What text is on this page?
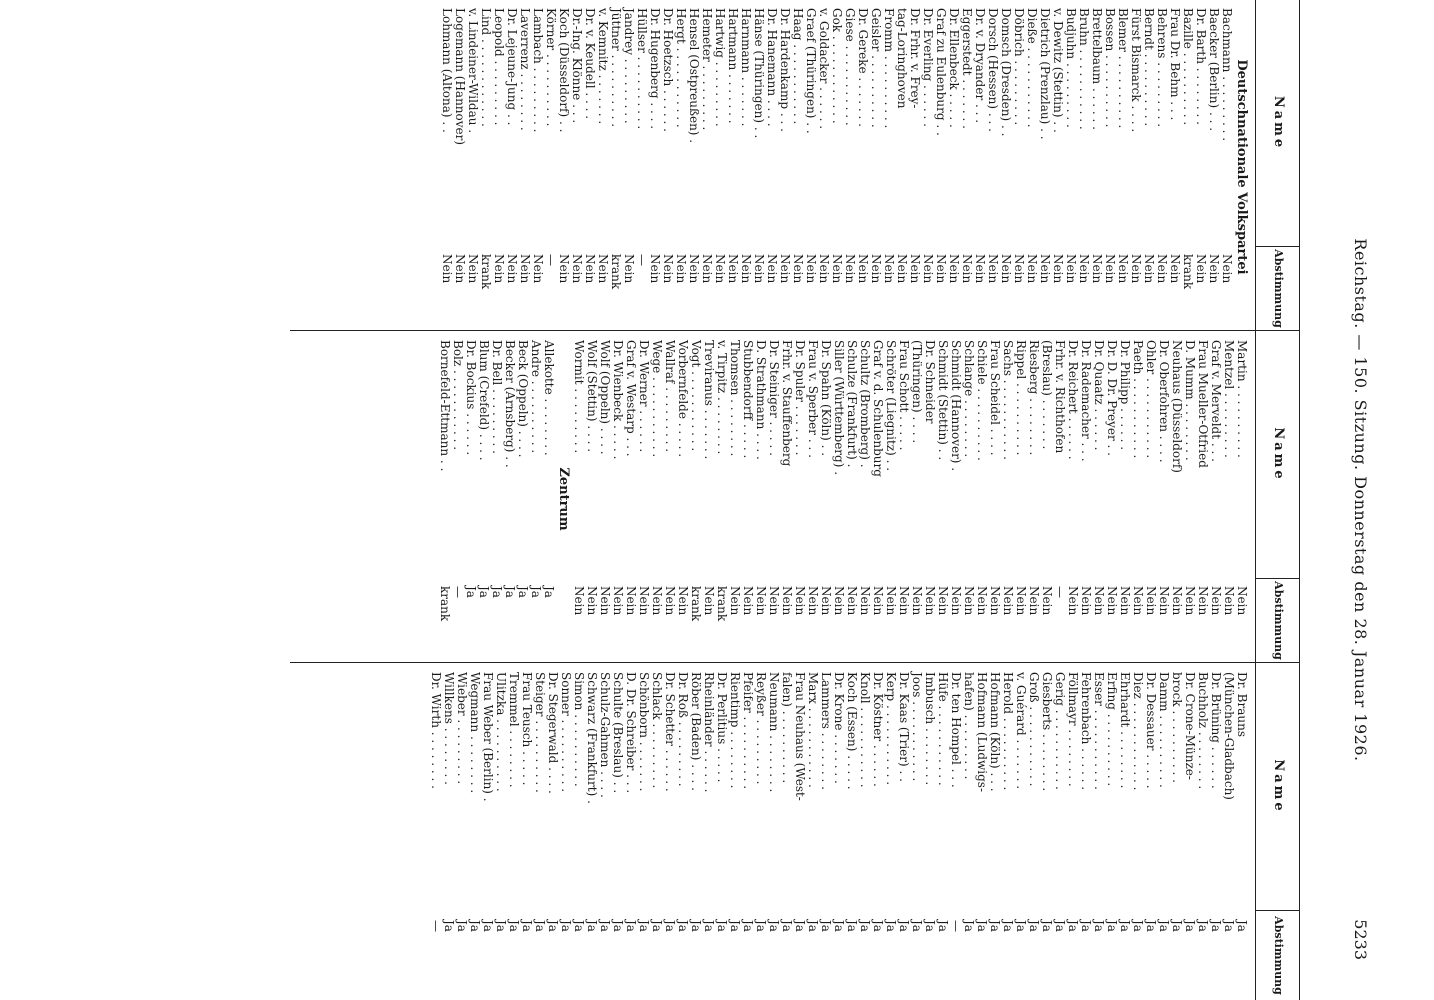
Reichstag. — 150. Sitzung. Donnerstag den 28. Januar 1926.
5233
Name
Abstimmung
Name
Abstimmung
Name
Abstimmung
Deutschnationale Volkspartei
Bachmann . . . . . . . . .
Nein
Baecker (Berlin) . . .
Nein
Dr. Barth . . . . . . . .
Nein
Bazille . . . . . . . . . .
krank
Frau Dr. Behm . . .
Nein
Behrens . . . . . . . . .
Nein
Berndt . . . . . . . . . .
Nein
Fürst Bismarck . . . .
Nein
Blemer . . . . . . . . . .
Nein
Bossen . . . . . . . . . .
Nein
Brettelbaum . . . . . .
Nein
Bruhn . . . . . . . . . . .
Nein
Budjuhn . . . . . . . . .
Nein
v. Dewitz (Stettin) . .
Nein
Dietrich (Prenzlau) . .
Nein
Dieße . . . . . . . . . . .
Nein
Döbrich . . . . . . . . .
Nein
Domsch (Dresden) . .
Nein
Dorsch (Hessen) . . .
Nein
Dr. v. Dryander . . .
Nein
Eggerstedt . . . . . . .
Nein
Dr. Ellenbeck . . . . .
Nein
Graf zu Eulenburg . .
Nein
Dr. Everling . . . . . .
Nein
Dr. Frhr. v. Frey-
Nein
tag-Loringhoven
Nein
Fromm . . . . . . . . . .
Nein
Geisler . . . . . . . . . .
Nein
Dr. Gereke . . . . . . .
Nein
Giese . . . . . . . . . . .
Nein
Gok . . . . . . . . . . . .
Nein
v. Goldacker . . . . . .
Nein
Graef (Thüringen) . .
Nein
Haag . . . . . . . . . . .
Nein
Dr. Hardenkamp . . .
Nein
Dr. Hanemann . . . .
Nein
Hänse (Thüringen) . .
Nein
Harnmann . . . . . . .
Nein
Hartmann . . . . . . .
Nein
Hartwig . . . . . . . . .
Nein
Hemeter . . . . . . . . .
Nein
Hensel (Ostpreußen) .
Nein
Hergt . . . . . . . . . . .
Nein
Dr. Hoetzsch . . . . . .
Nein
Dr. Hugenberg . . . .
Nein
Hüllser . . . . . . . . . .
—
Jandrey . . . . . . . . .
Nein
Jüttner . . . . . . . . . .
krank
v. Kemnitz . . . . . . .
Nein
Dr. v. Keudell . . . .
Nein
Dr.-Ing. Klönne . . .
Nein
Koch (Düsseldorf) . .
Nein
Körner . . . . . . . . . .
—
Lambach . . . . . . . . .
Nein
Laverrenz . . . . . . . .
Nein
Dr. Lejeune-Jung . .
Nein
Leopold . . . . . . . . .
Nein
Lind . . . . . . . . . . . .
krank
v. Lindeiner-Wildau .
Nein
Logemann (Hannover)
Nein
Lohmann (Altona) . .
Nein
Martin . . . . . . . . . .
Nein
Mentzel . . . . . . . . .
Nein
Graf v. Merveldt . . .
Nein
Frau Mueller-Otfried
Nein
D. Mumm . . . . . . . .
Nein
Neuhaus (Düsseldorf)
Nein
Dr. Oberfohren . . . .
Nein
Ohler . . . . . . . . . . .
Nein
Paeth . . . . . . . . . . .
Nein
Dr. Philipp . . . . . .
Nein
Dr. D. Dr. Preyer . .
Nein
Dr. Quaatz . . . . . .
Nein
Dr. Rademacher . . .
Nein
Dr. Reichert . . . . . .
Nein
Frhr. v. Richthofen
—
(Breslau) . . . . . . .
Nein
Riesberg . . . . . . . .
Nein
Rippel . . . . . . . . . .
Nein
Sachs . . . . . . . . . . .
Nein
Frau Scheidel . . . .
Nein
Schiele . . . . . . . . . .
Nein
Schlange . . . . . . . .
Nein
Schmidt (Hannover) .
Nein
Schmidt (Stettin) . .
Nein
Dr. Schneider
Nein
(Thüringen) . . . .
Nein
Frau Schott . . . . .
Nein
Schröter (Liegnitz) . .
Nein
Graf v. d. Schulenburg
Nein
Schultz (Bromberg) .
Nein
Schulze (Frankfurt) .
Nein
Siller (Württemberg) .
Nein
Dr. Spahn (Köln) . .
Nein
Frau v. Sperber . . .
Nein
Dr. Spuler . . . . . . .
Nein
Frhr. v. Stauffenberg
Nein
Dr. Steiniger . . . . .
Nein
D. Strathmann . . . .
Nein
Stubbendorff . . . . .
Nein
Thomsen . . . . . . . .
Nein
v. Tirpitz . . . . . . . .
krank
Treviranus . . . . . . .
Nein
Vogt . . . . . . . . . . .
krank
Vorbernfelde . . . . .
Nein
Wallraf . . . . . . . . .
Nein
Wege . . . . . . . . . . .
Nein
Dr. Werner . . . . . .
Nein
Graf v. Westarp . . .
Nein
Dr. Wienbeck . . . . .
Nein
Wolf (Oppeln) . . . .
Nein
Wolf (Stettin) . . . .
Nein
Wormit . . . . . . . . .
Nein
Zentrum
Allekotte . . . . . . . .
Ja
Andre . . . . . . . . . .
Ja
Beck (Oppeln) . . . .
Ja
Becker (Arnsberg) . .
Ja
Dr. Bell . . . . . . . . .
Ja
Blum (Crefeld) . . . .
Ja
Dr. Bockius . . . . . .
Ja
Bolz . . . . . . . . . . .
—
Bornefeld-Ettmann . .
krank
Dr. Brauns
Ja
(München-Gladbach)
Ja
Dr. Brüning . . . . . .
Ja
Buchholz . . . . . . . .
Ja
Dr. Crone-Münze-
Ja
brock . . . . . . . . . .
Ja
Damm . . . . . . . . . .
Ja
Dr. Dessauer . . . . .
Ja
Diez . . . . . . . . . . . .
Ja
Ehrhardt . . . . . . . .
Ja
Erfing . . . . . . . . . .
Ja
Esser . . . . . . . . . . .
Ja
Fehrenbach . . . . . .
Ja
Föllmayr . . . . . . . .
Ja
Gerig . . . . . . . . . . .
Ja
Giesberts . . . . . . . .
Ja
Groß . . . . . . . . . . .
Ja
v. Guérard . . . . . . .
Ja
Herold . . . . . . . . . .
Ja
Hofmann (Köln) . . .
Ja
Hofmann (Ludwigs-
Ja
hafen) . . . . . . . . .
Ja
Dr. ten Hompel . . .
—
Hüfe . . . . . . . . . . .
Ja
Imbusch . . . . . . . .
Ja
Joos . . . . . . . . . . .
Ja
Dr. Kaas (Trier) . .
Ja
Kerp . . . . . . . . . . .
Ja
Dr. Köstner . . . . . .
Ja
Knoll . . . . . . . . . . .
Ja
Koch (Essen) . . . . .
Ja
Dr. Krone . . . . . . .
Ja
Lammers . . . . . . . .
Ja
Marx . . . . . . . . . . .
Ja
Frau Neuhaus (West-
Ja
falen) . . . . . . . . . .
Ja
Neumann . . . . . . . .
Ja
Reyßer . . . . . . . . .
Ja
Pfeifer . . . . . . . . . .
Ja
Rientimp . . . . . . . .
Ja
Dr. Perlitius . . . . .
Ja
Rheinländer . . . . . .
Ja
Röber (Baden) . . . .
Ja
Dr. Roß . . . . . . . . .
Ja
Dr. Schetter . . . . . .
Ja
Schlack . . . . . . . . .
Ja
Schönborn . . . . . . .
Ja
D. Dr. Schreiber . . .
Ja
Schulte (Breslau) . .
Ja
Schulz-Gahmen . . . .
Ja
Schwarz (Frankfurt) .
Ja
Simon . . . . . . . . . .
Ja
Sonner . . . . . . . . . .
Ja
Dr. Stegerwald . . . .
Ja
Steiger . . . . . . . . . .
Ja
Frau Teusch . . . . .
Ja
Tremmel . . . . . . . .
Ja
Ulitzka . . . . . . . . . .
Ja
Frau Weber (Berlin) .
Ja
Wegmann . . . . . . . .
Ja
Wieber . . . . . . . . .
Ja
Willkens . . . . . . . .
Ja
Dr. Wirth . . . . . . . .
—
